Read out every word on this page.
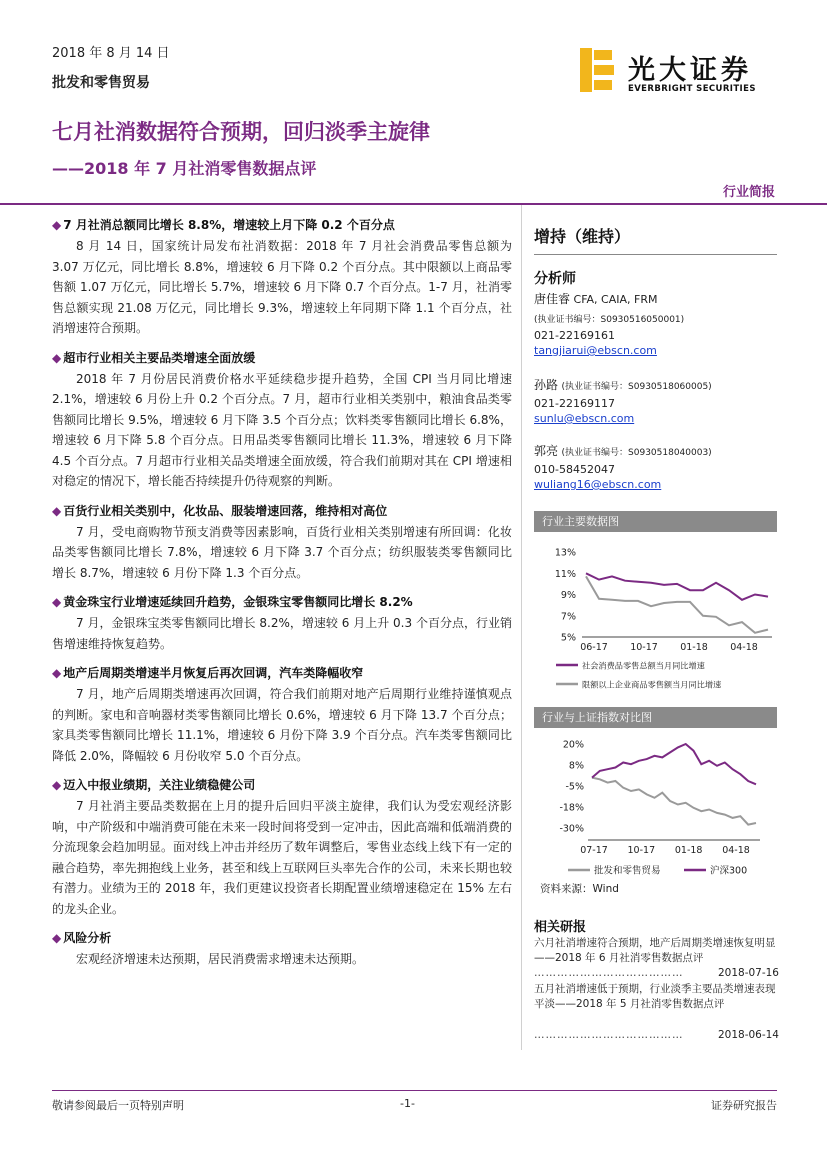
2018 年 8 月 14 日
批发和零售贸易	光大证券
EVERBRIGHT SECURITIES
七月社消数据符合预期，回归淡季主旋律
——2018 年 7 月社消零售数据点评
行业简报
◆ 7 月社消总额同比增长 8.8%，增速较上月下降 0.2 个百分点

8 月 14 日，国家统计局发布社消数据：2018 年 7 月社会消费品零售总额为 3.07 万亿元，同比增长 8.8%，增速较 6 月下降 0.2 个百分点。其中限额以上商品零售额 1.07 万亿元，同比增长 5.7%，增速较 6 月下降 0.7 个百分点。1-7 月，社消零售总额实现 21.08 万亿元，同比增长 9.3%，增速较上年同期下降 1.1 个百分点，社消增速符合预期。

◆ 超市行业相关主要品类增速全面放缓

2018 年 7 月份居民消费价格水平延续稳步提升趋势，全国 CPI 当月同比增速 2.1%，增速较 6 月份上升 0.2 个百分点。7 月，超市行业相关类别中，粮油食品类零售额同比增长 9.5%，增速较 6 月下降 3.5 个百分点；饮料类零售额同比增长 6.8%，增速较 6 月下降 5.8 个百分点。日用品类零售额同比增长 11.3%，增速较 6 月下降 4.5 个百分点。7 月超市行业相关品类增速全面放缓，符合我们前期对其在 CPI 增速相对稳定的情况下，增长能否持续提升仍待观察的判断。

◆ 百货行业相关类别中，化妆品、服装增速回落，维持相对高位

7 月，受电商购物节预支消费等因素影响，百货行业相关类别增速有所回调：化妆品类零售额同比增长 7.8%，增速较 6 月下降 3.7 个百分点；纺织服装类零售额同比增长 8.7%，增速较 6 月份下降 1.3 个百分点。

◆ 黄金珠宝行业增速延续回升趋势，金银珠宝零售额同比增长 8.2%

7 月，金银珠宝类零售额同比增长 8.2%，增速较 6 月上升 0.3 个百分点，行业销售增速维持恢复趋势。

◆ 地产后周期类增速半月恢复后再次回调，汽车类降幅收窄

7 月，地产后周期类增速再次回调，符合我们前期对地产后周期行业维持谨慎观点的判断。家电和音响器材类零售额同比增长 0.6%，增速较 6 月下降 13.7 个百分点；家具类零售额同比增长 11.1%，增速较 6 月份下降 3.9 个百分点。汽车类零售额同比降低 2.0%，降幅较 6 月份收窄 5.0 个百分点。

◆ 迈入中报业绩期，关注业绩稳健公司

7 月社消主要品类数据在上月的提升后回归平淡主旋律，我们认为受宏观经济影响，中产阶级和中端消费可能在未来一段时间将受到一定冲击，因此高端和低端消费的分流现象会趋加明显。面对线上冲击并经历了数年调整后，零售业态线上线下有一定的融合趋势，率先拥抱线上业务，甚至和线上互联网巨头率先合作的公司，未来长期也较有潜力。业绩为王的 2018 年，我们更建议投资者长期配置业绩增速稳定在 15% 左右的龙头企业。

◆ 风险分析

宏观经济增速未达预期，居民消费需求增速未达预期。

增持（维持）
分析师
唐佳睿 CFA, CAIA, FRM
(执业证书编号：S0930516050001)
021-22169161
tangjiarui@ebscn.com
孙路 (执业证书编号：S0930518060005)
021-22169117
sunlu@ebscn.com
郭亮 (执业证书编号：S0930518040003)
010-58452047
wuliang16@ebscn.com
行业主要数据图
13%
11%
9%
7%
5%
06-17 10-17 01-18 04-18
社会消费品零售总额当月同比增速
限额以上企业商品零售额当月同比增速
行业与上证指数对比图
20%
8%
-5%
-18%
-30%
07-17 10-17 01-18 04-18
批发和零售贸易	沪深300
资料来源：Wind
相关研报
六月社消增速符合预期，地产后周期类增速恢复明显——2018 年 6 月社消零售数据点评
…………………………………	2018-07-16
五月社消增速低于预期，行业淡季主要品类增速表现平淡——2018 年 5 月社消零售数据点评
…………………………………	2018-06-14
敬请参阅最后一页特别声明	-1-	证券研究报告
